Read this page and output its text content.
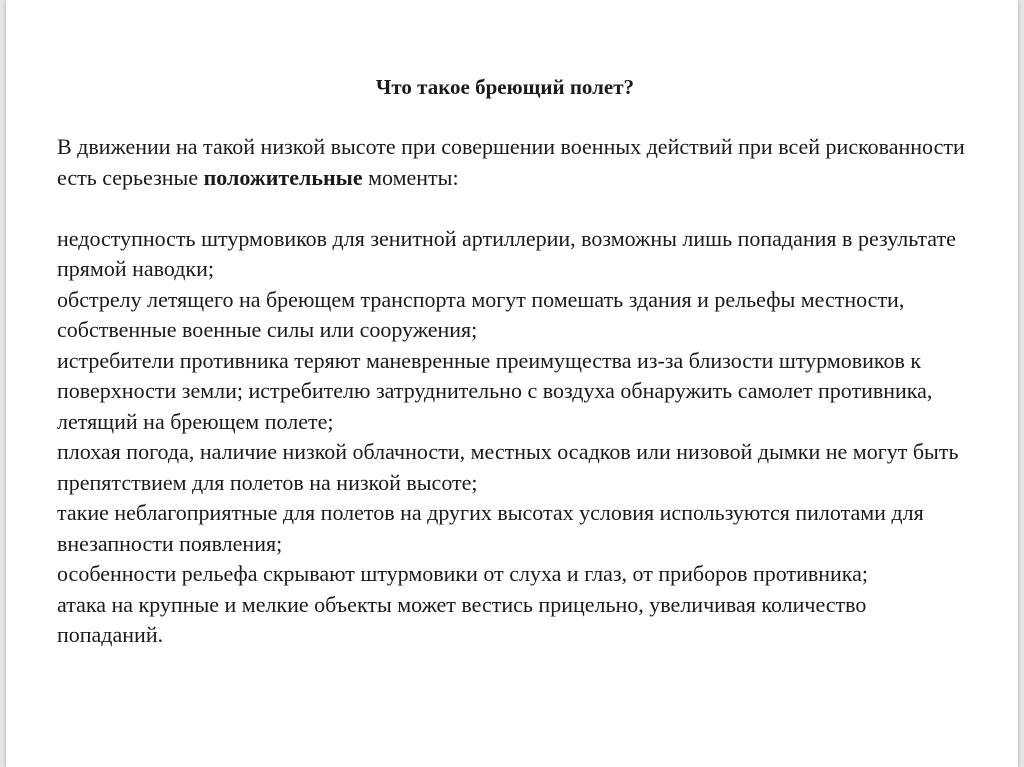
Что такое бреющий полет?

В движении на такой низкой высоте при совершении военных действий при всей рискованности есть серьезные положительные моменты:

недоступность штурмовиков для зенитной артиллерии, возможны лишь попадания в результате прямой наводки;

обстрелу летящего на бреющем транспорта могут помешать здания и рельефы местности, собственные военные силы или сооружения;

истребители противника теряют маневренные преимущества из-за близости штурмовиков к поверхности земли; истребителю затруднительно с воздуха обнаружить самолет противника, летящий на бреющем полете;

плохая погода, наличие низкой облачности, местных осадков или низовой дымки не могут быть препятствием для полетов на низкой высоте;

такие неблагоприятные для полетов на других высотах условия используются пилотами для внезапности появления;

особенности рельефа скрывают штурмовики от слуха и глаз, от приборов противника;

атака на крупные и мелкие объекты может вестись прицельно, увеличивая количество попаданий.
